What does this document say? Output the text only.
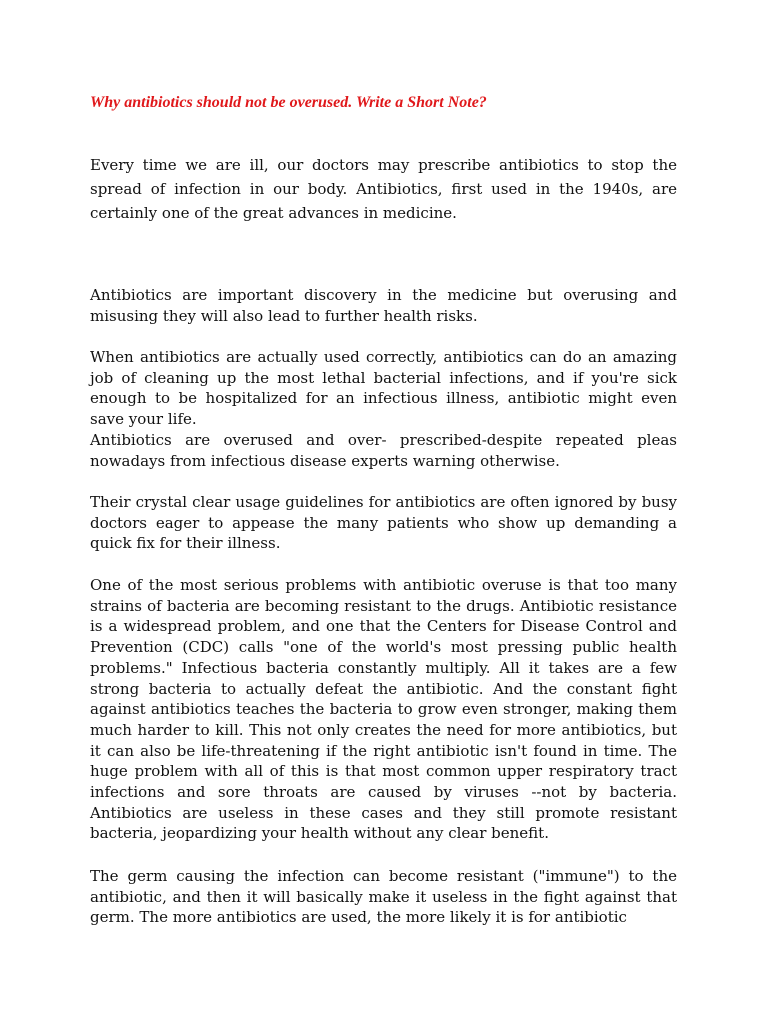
Why antibiotics should not be overused. Write a Short Note?

Every time we are ill, our doctors may prescribe antibiotics to stop the spread of infection in our body. Antibiotics, first used in the 1940s, are certainly one of the great advances in medicine.

Antibiotics are important discovery in the medicine but overusing and misusing they will also lead to further health risks.

When antibiotics are actually used correctly, antibiotics can do an amazing job of cleaning up the most lethal bacterial infections, and if you're sick enough to be hospitalized for an infectious illness, antibiotic might even save your life.

Antibiotics are overused and over- prescribed-despite repeated pleas nowadays from infectious disease experts warning otherwise.

Their crystal clear usage guidelines for antibiotics are often ignored by busy doctors eager to appease the many patients who show up demanding a quick fix for their illness.

One of the most serious problems with antibiotic overuse is that too many strains of bacteria are becoming resistant to the drugs. Antibiotic resistance is a widespread problem, and one that the Centers for Disease Control and Prevention (CDC) calls "one of the world's most pressing public health problems." Infectious bacteria constantly multiply. All it takes are a few strong bacteria to actually defeat the antibiotic. And the constant fight against antibiotics teaches the bacteria to grow even stronger, making them much harder to kill. This not only creates the need for more antibiotics, but it can also be life-threatening if the right antibiotic isn't found in time. The huge problem with all of this is that most common upper respiratory tract infections and sore throats are caused by viruses --not by bacteria. Antibiotics are useless in these cases and they still promote resistant bacteria, jeopardizing your health without any clear benefit.

The germ causing the infection can become resistant ("immune") to the antibiotic, and then it will basically make it useless in the fight against that germ. The more antibiotics are used, the more likely it is for antibiotic
